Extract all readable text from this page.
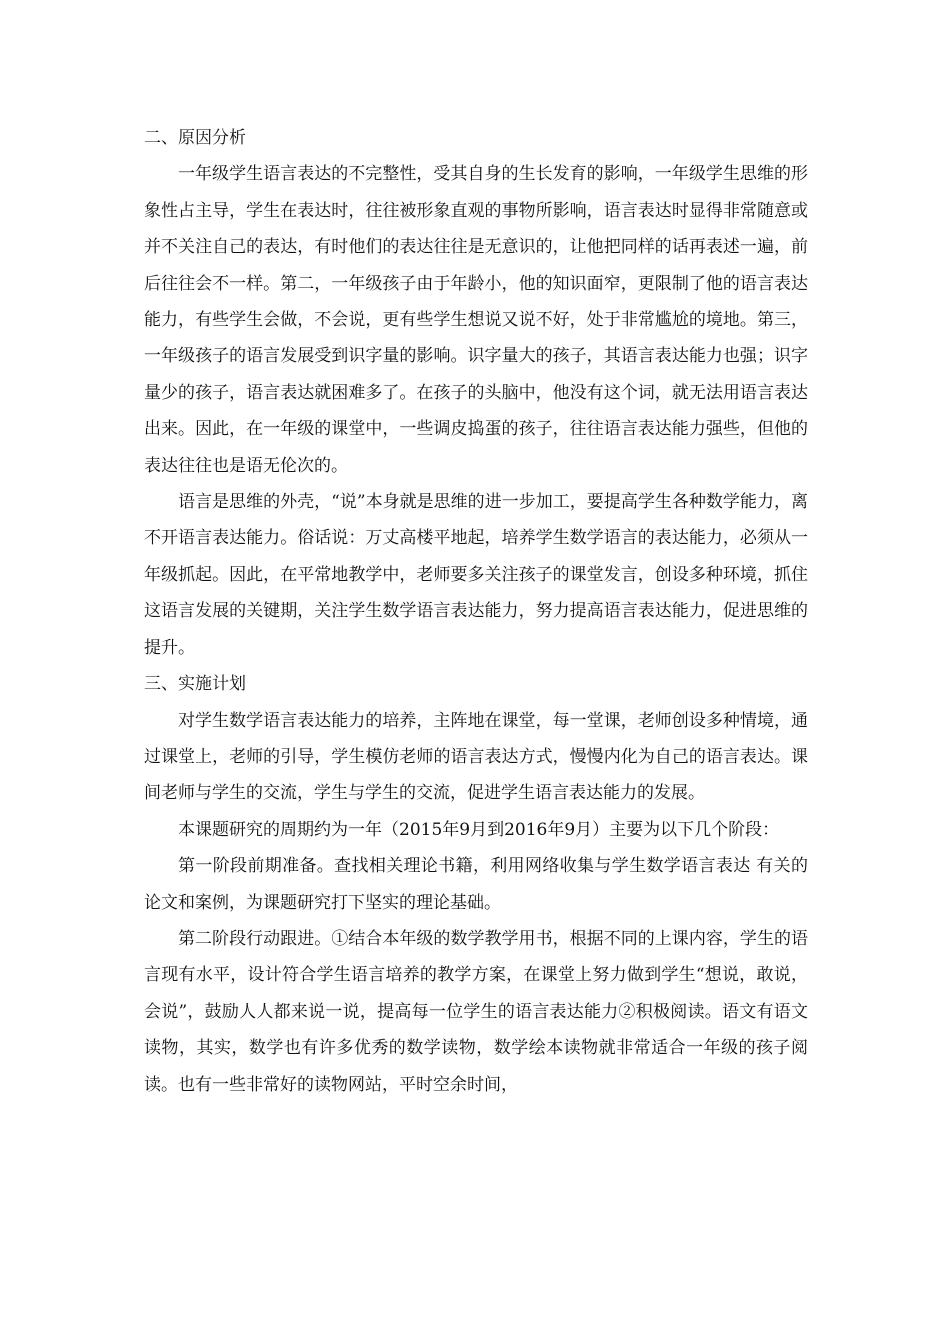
二、原因分析

一年级学生语言表达的不完整性，受其自身的生长发育的影响，一年级学生思维的形象性占主导，学生在表达时，往往被形象直观的事物所影响，语言表达时显得非常随意或并不关注自己的表达，有时他们的表达往往是无意识的，让他把同样的话再表述一遍，前后往往会不一样。第二，一年级孩子由于年龄小，他的知识面窄，更限制了他的语言表达能力，有些学生会做，不会说，更有些学生想说又说不好，处于非常尴尬的境地。第三，一年级孩子的语言发展受到识字量的影响。识字量大的孩子，其语言表达能力也强；识字量少的孩子，语言表达就困难多了。在孩子的头脑中，他没有这个词，就无法用语言表达出来。因此，在一年级的课堂中，一些调皮捣蛋的孩子，往往语言表达能力强些，但他的表达往往也是语无伦次的。

语言是思维的外壳，“说”本身就是思维的进一步加工，要提高学生各种数学能力，离不开语言表达能力。俗话说：万丈高楼平地起，培养学生数学语言的表达能力，必须从一年级抓起。因此，在平常地教学中，老师要多关注孩子的课堂发言，创设多种环境，抓住这语言发展的关键期，关注学生数学语言表达能力，努力提高语言表达能力，促进思维的提升。

三、实施计划

对学生数学语言表达能力的培养，主阵地在课堂，每一堂课，老师创设多种情境，通过课堂上，老师的引导，学生模仿老师的语言表达方式，慢慢内化为自己的语言表达。课间老师与学生的交流，学生与学生的交流，促进学生语言表达能力的发展。

本课题研究的周期约为一年（2015年9月到2016年9月）主要为以下几个阶段：

第一阶段前期准备。查找相关理论书籍，利用网络收集与学生数学语言表达 有关的论文和案例，为课题研究打下坚实的理论基础。

第二阶段行动跟进。①结合本年级的数学教学用书，根据不同的上课内容，学生的语言现有水平，设计符合学生语言培养的教学方案，在课堂上努力做到学生“想说，敢说，会说”，鼓励人人都来说一说，提高每一位学生的语言表达能力②积极阅读。语文有语文读物，其实，数学也有许多优秀的数学读物，数学绘本读物就非常适合一年级的孩子阅读。也有一些非常好的读物网站，平时空余时间，
